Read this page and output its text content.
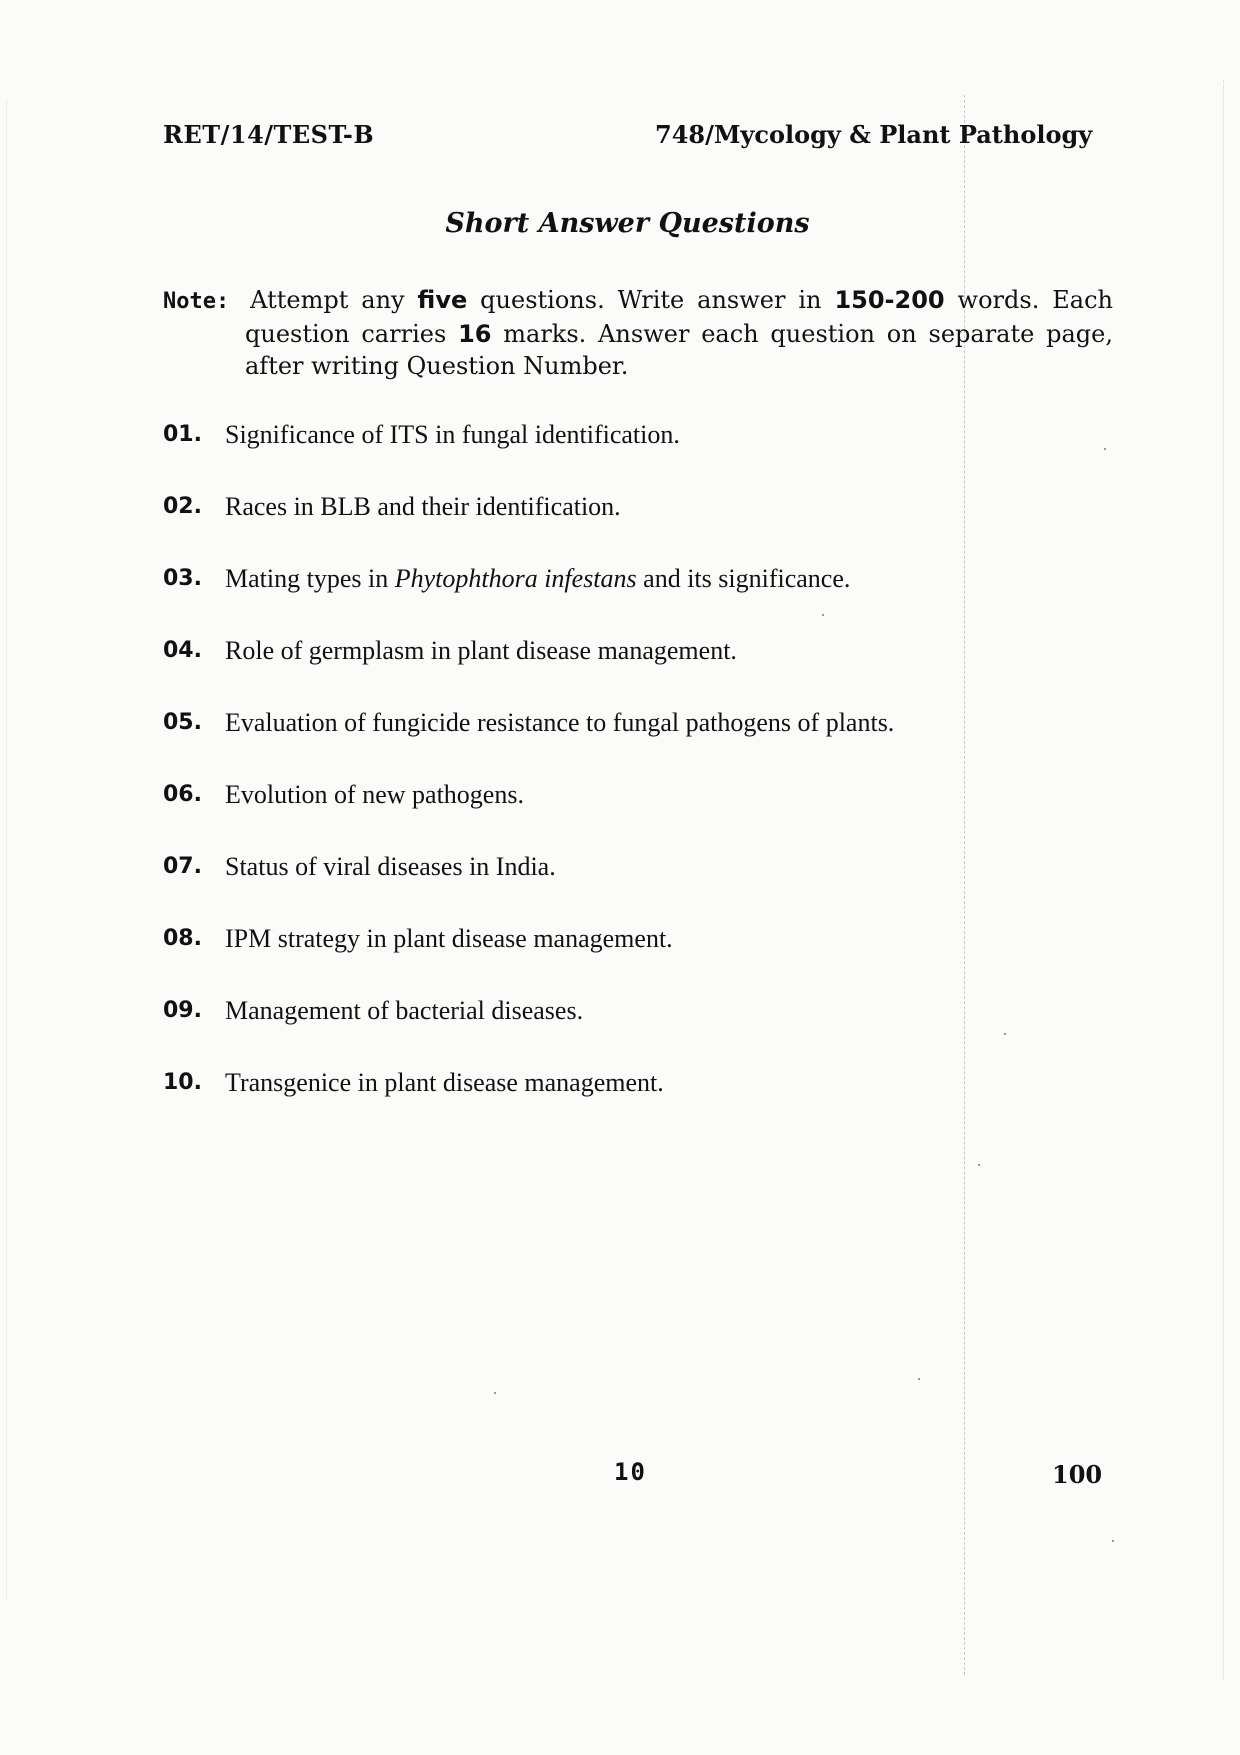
RET/14/TEST-B	748/Mycology & Plant Pathology
Short Answer Questions
Note: Attempt any five questions. Write answer in 150-200 words. Each question carries 16 marks. Answer each question on separate page, after writing Question Number.
01. Significance of ITS in fungal identification.
02. Races in BLB and their identification.
03. Mating types in Phytophthora infestans and its significance.
04. Role of germplasm in plant disease management.
05. Evaluation of fungicide resistance to fungal pathogens of plants.
06. Evolution of new pathogens.
07. Status of viral diseases in India.
08. IPM strategy in plant disease management.
09. Management of bacterial diseases.
10. Transgenice in plant disease management.
10	100
